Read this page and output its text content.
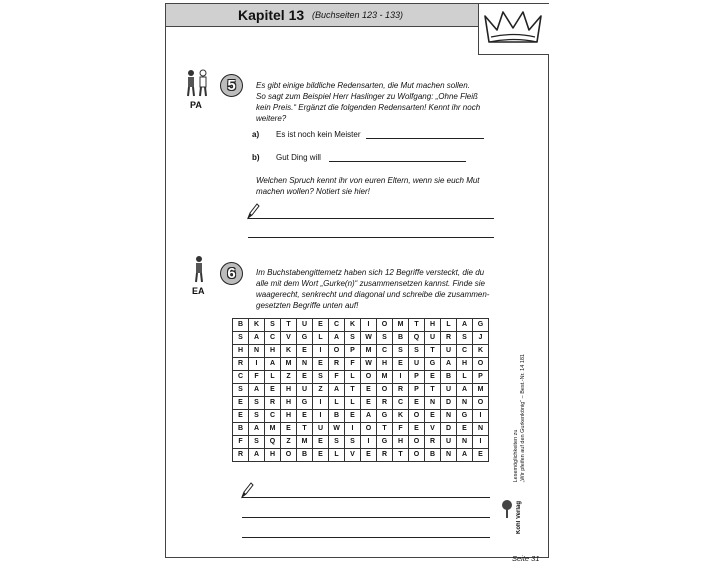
Kapitel 13 (Buchseiten 123 - 133)
PA
5	Es gibt einige bildliche Redensarten, die Mut machen sollen.
So sagt zum Beispiel Herr Haslinger zu Wolfgang: „Ohne Fleiß
kein Preis.“ Ergänzt die folgenden Redensarten! Kennt ihr noch
weitere?
a) Es ist noch kein Meister
b) Gut Ding will
Welchen Spruch kennt ihr von euren Eltern, wenn sie euch Mut
machen wollen? Notiert sie hier!
EA
6	Im Buchstabengittemetz haben sich 12 Begriffe versteckt, die du
alle mit dem Wort „Gurke(n)“ zusammensetzen kannst. Finde sie
waagerecht, senkrecht und diagonal und schreibe die zusammen-
gesetzten Begriffe unten auf!
B	K	S	T	U	E	C	K	I	O	M	T	H	L	A	G
S	A	C	V	G	L	A	S	W	S	B	Q	U	R	S	J
H	N	H	K	E	I	O	P	M	C	S	S	T	U	C	K
R	I	A	M	N	E	R	F	W	H	E	U	G	A	H	O
C	F	L	Z	E	S	F	L	O	M	I	P	E	B	L	P
S	A	E	H	U	Z	A	T	E	O	R	P	T	U	A	M
E	S	R	H	G	I	L	L	E	R	C	E	N	D	N	O
E	S	C	H	E	I	B	E	A	G	K	O	E	N	G	I
B	A	M	E	T	U	W	I	O	T	F	E	V	D	E	N
F	S	Q	Z	M	E	S	S	I	G	H	O	R	U	N	I
R	A	H	O	B	E	L	V	E	R	T	O	B	N	A	E	Lesemöglichkeiten zu „Wir pfeifen auf den Gurkenkönig“ – Best.-Nr. 14 181
Kohl Verlag
Seite 31
